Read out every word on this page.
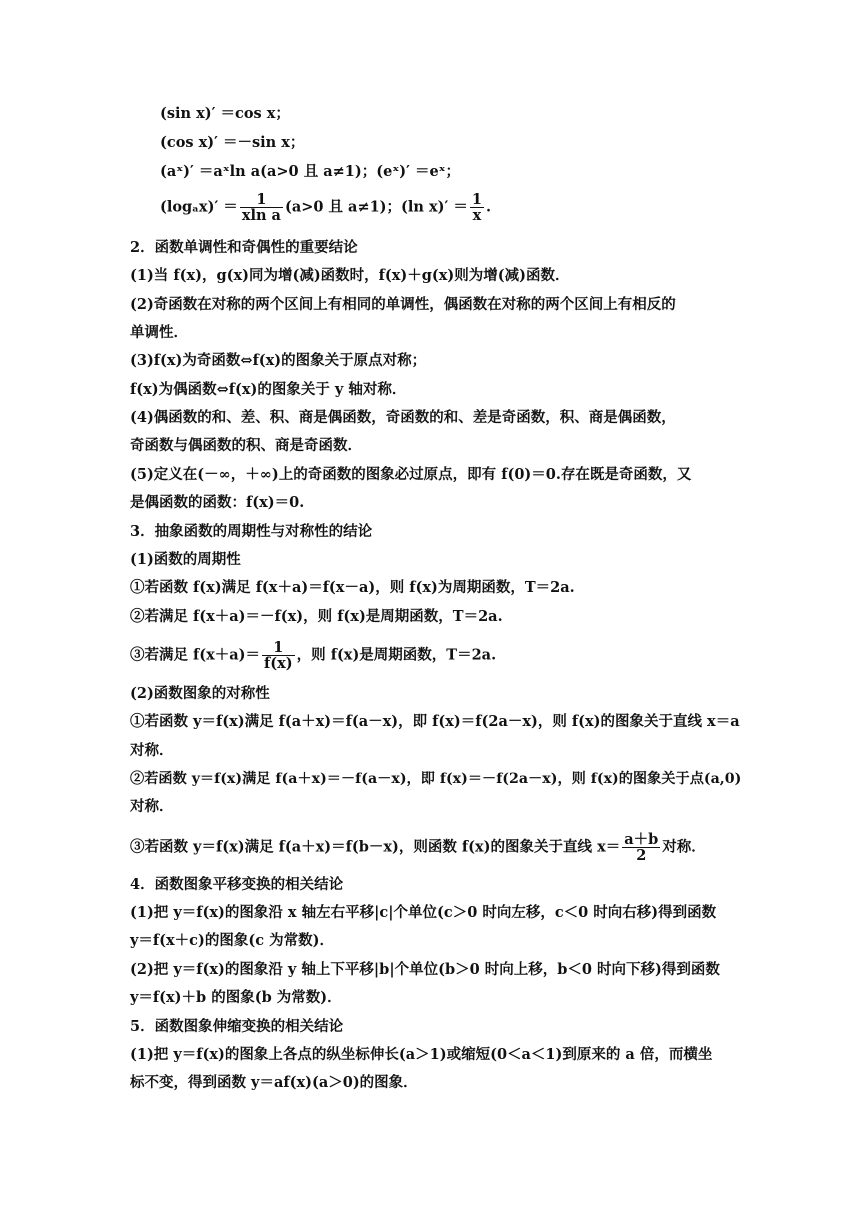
(sin x)′ ＝cos x；
(cos x)′ ＝－sin x；
(aˣ)′ ＝aˣln a(a>0 且 a≠1)；(eˣ)′ ＝eˣ；
$(\log_ax)' = \frac{1}{\text{xln a}} (a>0$ 且 a≠1)；(ln $x)' = \frac{1}{x}$ .
2．函数单调性和奇偶性的重要结论
(1)当 f(x)，g(x)同为增(减)函数时，f(x)＋g(x)则为增(减)函数．
(2)奇函数在对称的两个区间上有相同的单调性，偶函数在对称的两个区间上有相反的
单调性．
(3)f(x)为奇函数⇔f(x)的图象关于原点对称；
f(x)为偶函数⇔f(x)的图象关于 y 轴对称．
(4)偶函数的和、差、积、商是偶函数，奇函数的和、差是奇函数，积、商是偶函数，
奇函数与偶函数的积、商是奇函数．
(5)定义在(－∞，＋∞)上的奇函数的图象必过原点，即有 f(0)＝0.存在既是奇函数，又
是偶函数的函数：f(x)＝0.
3．抽象函数的周期性与对称性的结论
(1)函数的周期性
①若函数 f(x)满足 f(x＋a)＝f(x－a)，则 f(x)为周期函数，T＝2a.
②若满足 f(x＋a)＝－f(x)，则 f(x)是周期函数，T＝2a.
③若满足 $f(x+a)= \frac{1}{f(x)}$ ，则 f(x)是周期函数，T＝2a.
(2)函数图象的对称性
①若函数 y＝f(x)满足 f(a＋x)＝f(a－x)，即 f(x)＝f(2a－x)，则 f(x)的图象关于直线 x＝a
对称．
②若函数 y＝f(x)满足 f(a＋x)＝－f(a－x)，即 f(x)＝－f(2a－x)，则 f(x)的图象关于点(a,0)
对称．
③若函数 y＝f(x)满足 f(a＋x)＝f(b－x)，则函数 f(x)的图象关于直线 $x= \frac{a+b}{2}$ 对称．
4．函数图象平移变换的相关结论
(1)把 y＝f(x)的图象沿 x 轴左右平移|c|个单位(c＞0 时向左移，c＜0 时向右移)得到函数
y＝f(x＋c)的图象(c 为常数)．
(2)把 y＝f(x)的图象沿 y 轴上下平移|b|个单位(b＞0 时向上移，b＜0 时向下移)得到函数
y＝f(x)＋b 的图象(b 为常数)．
5．函数图象伸缩变换的相关结论
(1)把 y＝f(x)的图象上各点的纵坐标伸长(a＞1)或缩短(0＜a＜1)到原来的 a 倍，而横坐
标不变，得到函数 y＝af(x)(a＞0)的图象．
